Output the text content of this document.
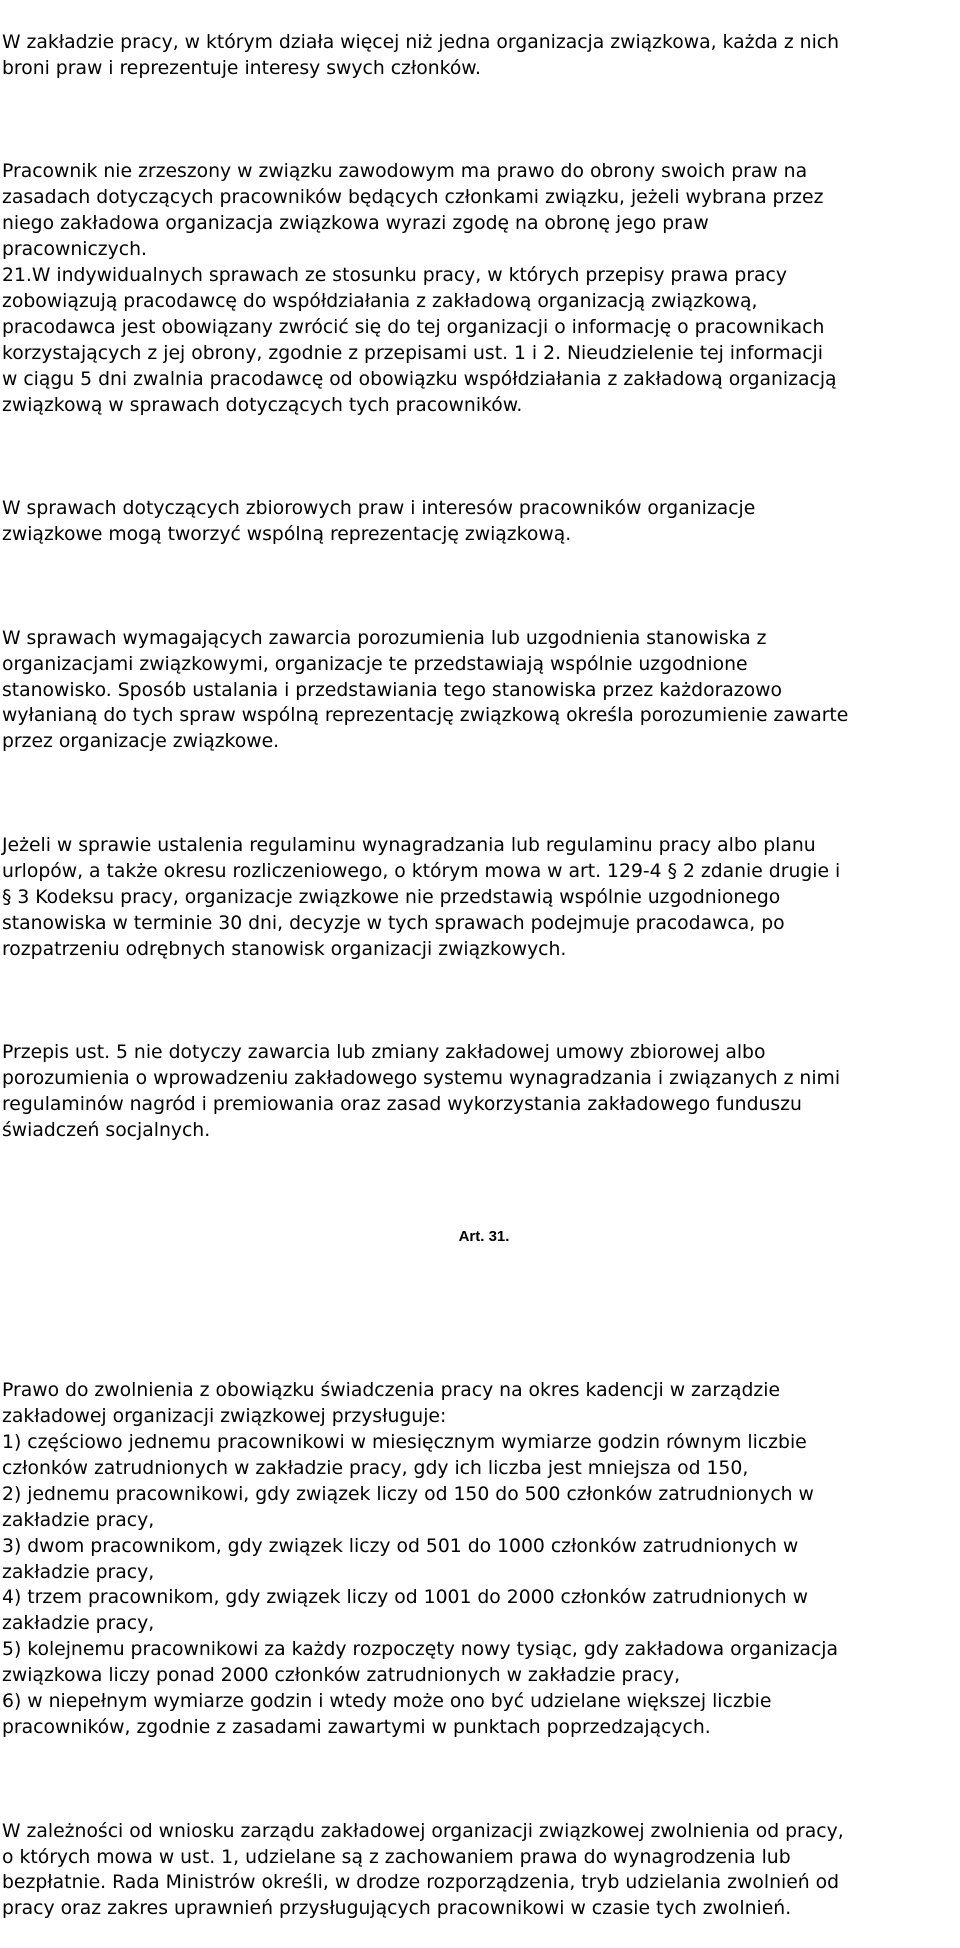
W zakładzie pracy, w którym działa więcej niż jedna organizacja związkowa, każda z nich
broni praw i reprezentuje interesy swych członków.

Pracownik nie zrzeszony w związku zawodowym ma prawo do obrony swoich praw na
zasadach dotyczących pracowników będących członkami związku, jeżeli wybrana przez
niego zakładowa organizacja związkowa wyrazi zgodę na obronę jego praw
pracowniczych.
21.W indywidualnych sprawach ze stosunku pracy, w których przepisy prawa pracy
zobowiązują pracodawcę do współdziałania z zakładową organizacją związkową,
pracodawca jest obowiązany zwrócić się do tej organizacji o informację o pracownikach
korzystających z jej obrony, zgodnie z przepisami ust. 1 i 2. Nieudzielenie tej informacji
w ciągu 5 dni zwalnia pracodawcę od obowiązku współdziałania z zakładową organizacją
związkową w sprawach dotyczących tych pracowników.

W sprawach dotyczących zbiorowych praw i interesów pracowników organizacje
związkowe mogą tworzyć wspólną reprezentację związkową.

W sprawach wymagających zawarcia porozumienia lub uzgodnienia stanowiska z
organizacjami związkowymi, organizacje te przedstawiają wspólnie uzgodnione
stanowisko. Sposób ustalania i przedstawiania tego stanowiska przez każdorazowo
wyłanianą do tych spraw wspólną reprezentację związkową określa porozumienie zawarte
przez organizacje związkowe.

Jeżeli w sprawie ustalenia regulaminu wynagradzania lub regulaminu pracy albo planu
urlopów, a także okresu rozliczeniowego, o którym mowa w art. 129-4 § 2 zdanie drugie i
§ 3 Kodeksu pracy, organizacje związkowe nie przedstawią wspólnie uzgodnionego
stanowiska w terminie 30 dni, decyzje w tych sprawach podejmuje pracodawca, po
rozpatrzeniu odrębnych stanowisk organizacji związkowych.

Przepis ust. 5 nie dotyczy zawarcia lub zmiany zakładowej umowy zbiorowej albo
porozumienia o wprowadzeniu zakładowego systemu wynagradzania i związanych z nimi
regulaminów nagród i premiowania oraz zasad wykorzystania zakładowego funduszu
świadczeń socjalnych.

Art. 31.

Prawo do zwolnienia z obowiązku świadczenia pracy na okres kadencji w zarządzie
zakładowej organizacji związkowej przysługuje:
1) częściowo jednemu pracownikowi w miesięcznym wymiarze godzin równym liczbie
członków zatrudnionych w zakładzie pracy, gdy ich liczba jest mniejsza od 150,
2) jednemu pracownikowi, gdy związek liczy od 150 do 500 członków zatrudnionych w
zakładzie pracy,
3) dwom pracownikom, gdy związek liczy od 501 do 1000 członków zatrudnionych w
zakładzie pracy,
4) trzem pracownikom, gdy związek liczy od 1001 do 2000 członków zatrudnionych w
zakładzie pracy,
5) kolejnemu pracownikowi za każdy rozpoczęty nowy tysiąc, gdy zakładowa organizacja
związkowa liczy ponad 2000 członków zatrudnionych w zakładzie pracy,
6) w niepełnym wymiarze godzin i wtedy może ono być udzielane większej liczbie
pracowników, zgodnie z zasadami zawartymi w punktach poprzedzających.

W zależności od wniosku zarządu zakładowej organizacji związkowej zwolnienia od pracy,
o których mowa w ust. 1, udzielane są z zachowaniem prawa do wynagrodzenia lub
bezpłatnie. Rada Ministrów określi, w drodze rozporządzenia, tryb udzielania zwolnień od
pracy oraz zakres uprawnień przysługujących pracownikowi w czasie tych zwolnień.
